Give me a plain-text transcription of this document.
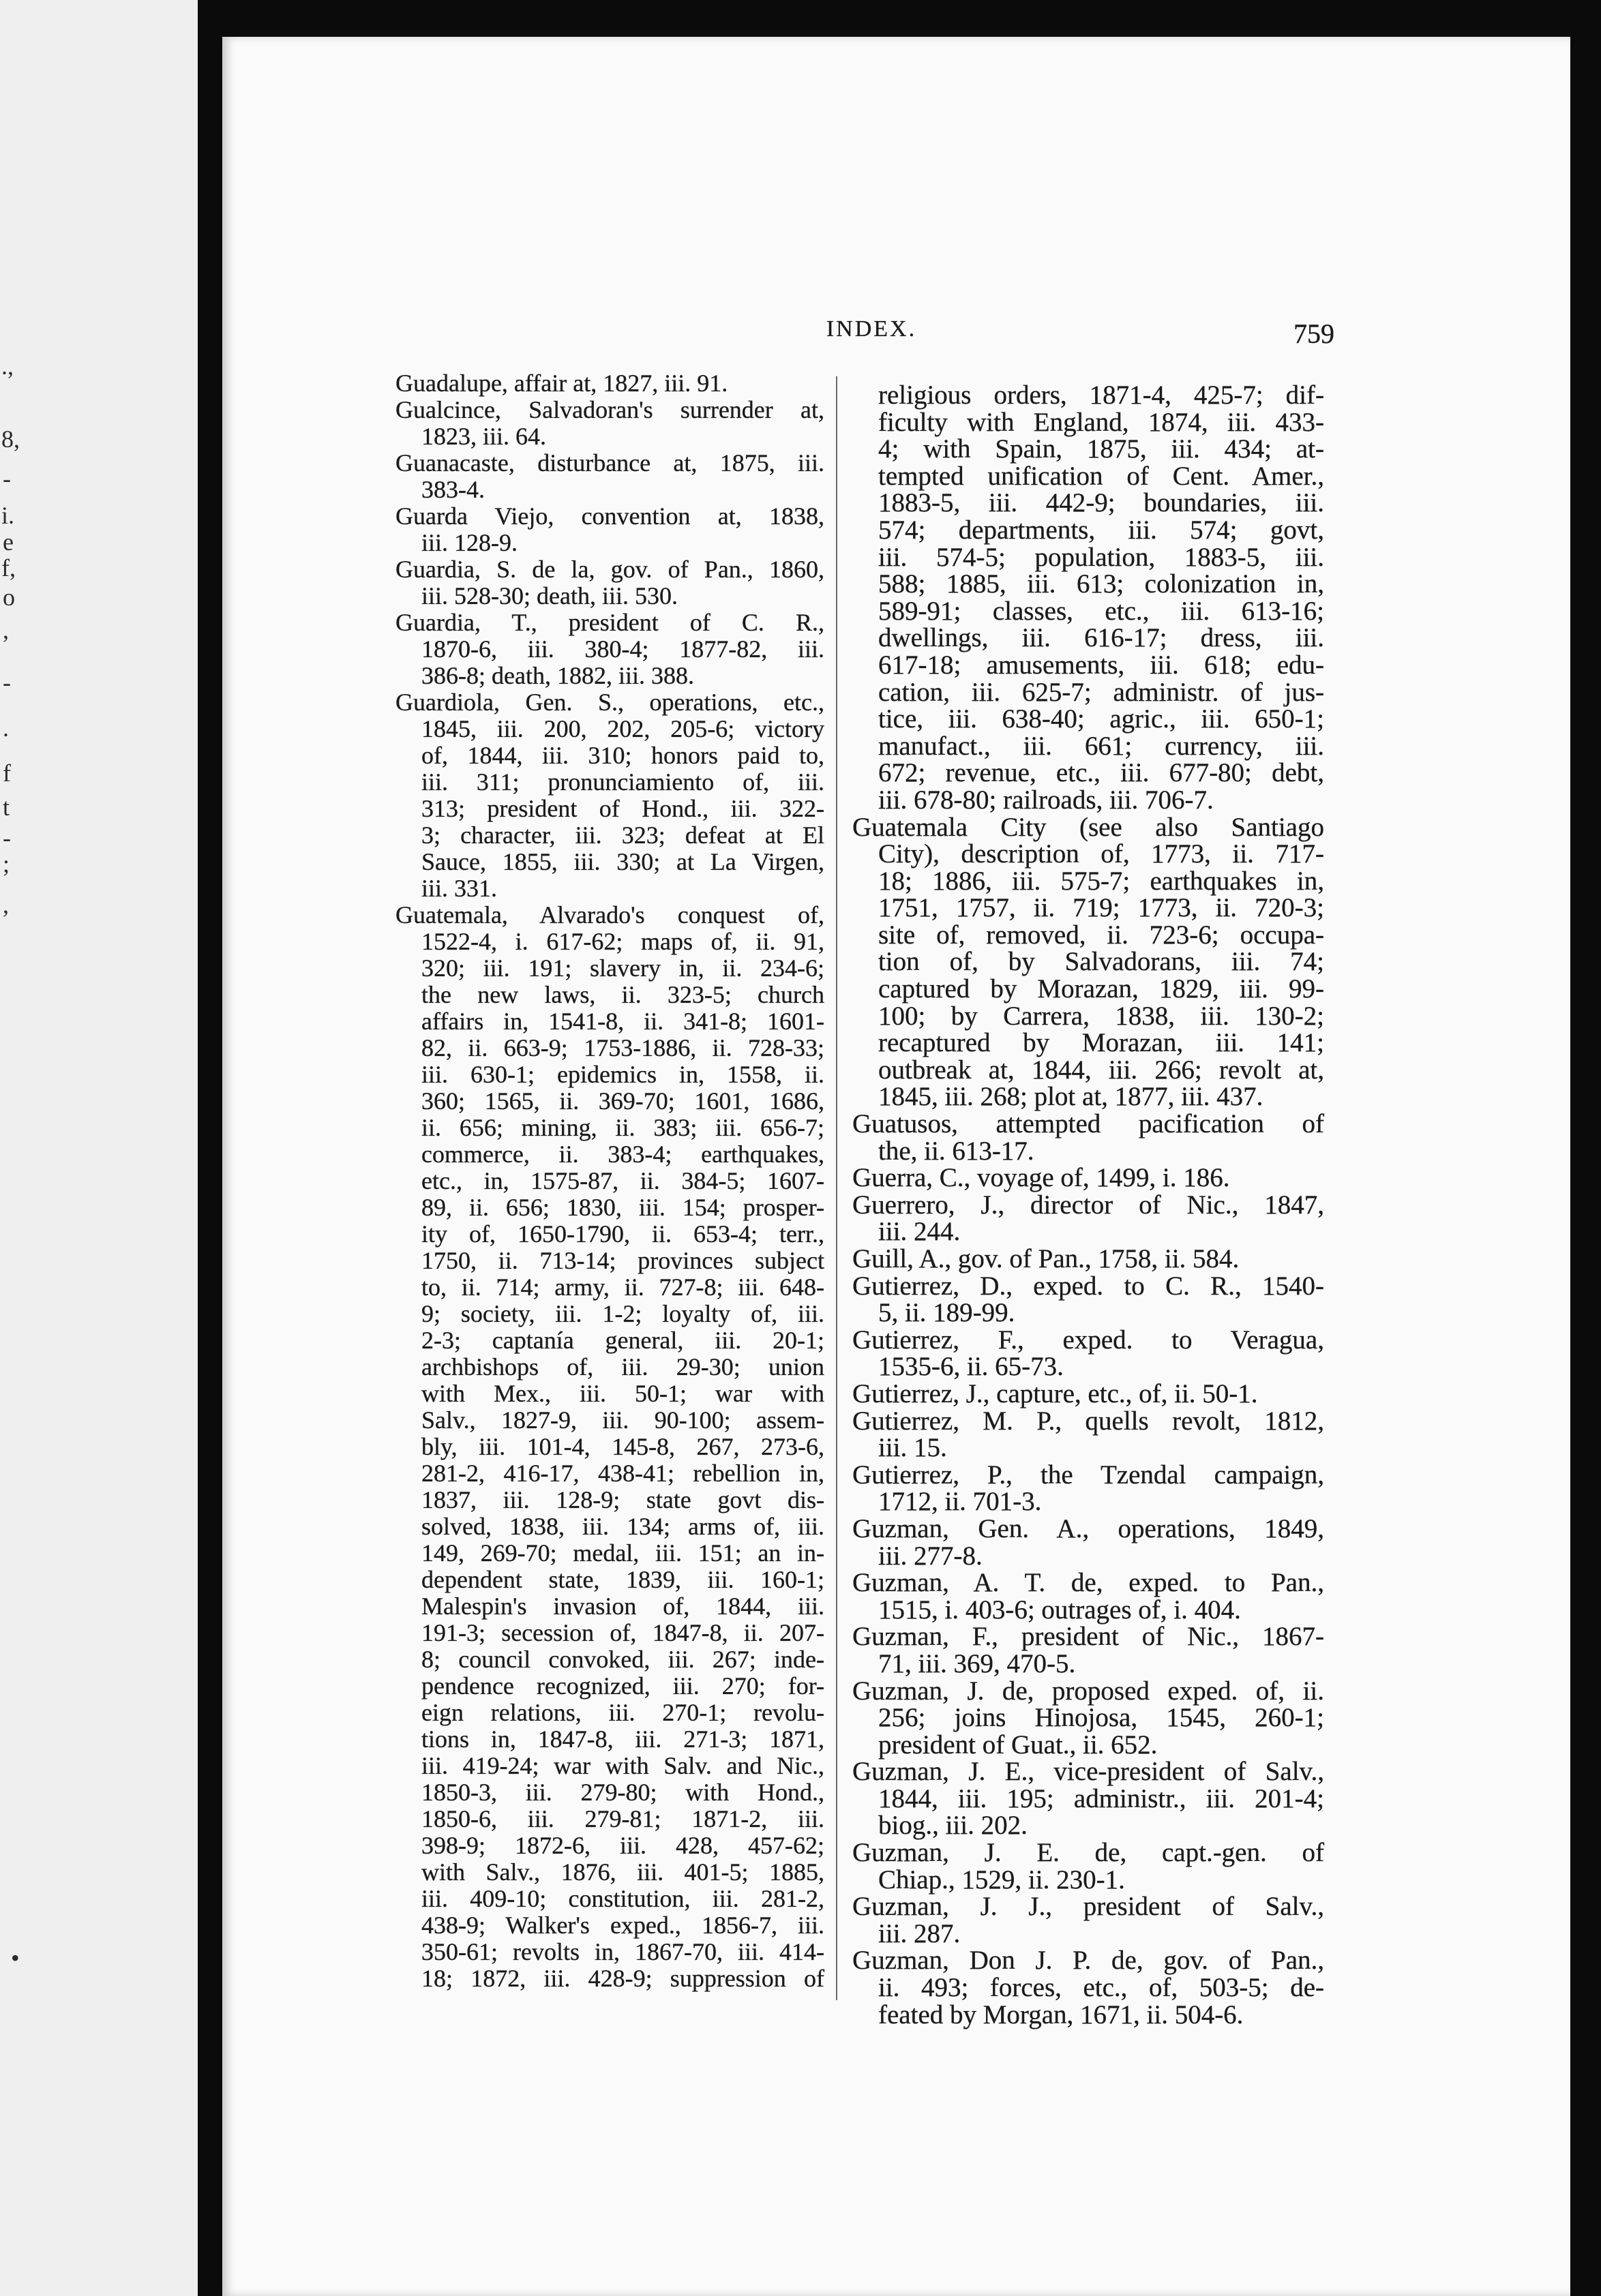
.,
8,
-
i.
e
f,
o
,
-
.
f
t
-
;
,
•
INDEX.	759
Guadalupe, affair at, 1827, iii. 91.
Gualcince, Salvadoran's surrender at,
1823, iii. 64.
Guanacaste, disturbance at, 1875, iii.
383-4.
Guarda Viejo, convention at, 1838,
iii. 128-9.
Guardia, S. de la, gov. of Pan., 1860,
iii. 528-30; death, iii. 530.
Guardia, T., president of C. R.,
1870-6, iii. 380-4; 1877-82, iii.
386-8; death, 1882, iii. 388.
Guardiola, Gen. S., operations, etc.,
1845, iii. 200, 202, 205-6; victory
of, 1844, iii. 310; honors paid to,
iii. 311; pronunciamiento of, iii.
313; president of Hond., iii. 322-
3; character, iii. 323; defeat at El
Sauce, 1855, iii. 330; at La Virgen,
iii. 331.
Guatemala, Alvarado's conquest of,
1522-4, i. 617-62; maps of, ii. 91,
320; iii. 191; slavery in, ii. 234-6;
the new laws, ii. 323-5; church
affairs in, 1541-8, ii. 341-8; 1601-
82, ii. 663-9; 1753-1886, ii. 728-33;
iii. 630-1; epidemics in, 1558, ii.
360; 1565, ii. 369-70; 1601, 1686,
ii. 656; mining, ii. 383; iii. 656-7;
commerce, ii. 383-4; earthquakes,
etc., in, 1575-87, ii. 384-5; 1607-
89, ii. 656; 1830, iii. 154; prosper-
ity of, 1650-1790, ii. 653-4; terr.,
1750, ii. 713-14; provinces subject
to, ii. 714; army, ii. 727-8; iii. 648-
9; society, iii. 1-2; loyalty of, iii.
2-3; captanía general, iii. 20-1;
archbishops of, iii. 29-30; union
with Mex., iii. 50-1; war with
Salv., 1827-9, iii. 90-100; assem-
bly, iii. 101-4, 145-8, 267, 273-6,
281-2, 416-17, 438-41; rebellion in,
1837, iii. 128-9; state govt dis-
solved, 1838, iii. 134; arms of, iii.
149, 269-70; medal, iii. 151; an in-
dependent state, 1839, iii. 160-1;
Malespin's invasion of, 1844, iii.
191-3; secession of, 1847-8, ii. 207-
8; council convoked, iii. 267; inde-
pendence recognized, iii. 270; for-
eign relations, iii. 270-1; revolu-
tions in, 1847-8, iii. 271-3; 1871,
iii. 419-24; war with Salv. and Nic.,
1850-3, iii. 279-80; with Hond.,
1850-6, iii. 279-81; 1871-2, iii.
398-9; 1872-6, iii. 428, 457-62;
with Salv., 1876, iii. 401-5; 1885,
iii. 409-10; constitution, iii. 281-2,
438-9; Walker's exped., 1856-7, iii.
350-61; revolts in, 1867-70, iii. 414-
18; 1872, iii. 428-9; suppression of
religious orders, 1871-4, 425-7; dif-
ficulty with England, 1874, iii. 433-
4; with Spain, 1875, iii. 434; at-
tempted unification of Cent. Amer.,
1883-5, iii. 442-9; boundaries, iii.
574; departments, iii. 574; govt,
iii. 574-5; population, 1883-5, iii.
588; 1885, iii. 613; colonization in,
589-91; classes, etc., iii. 613-16;
dwellings, iii. 616-17; dress, iii.
617-18; amusements, iii. 618; edu-
cation, iii. 625-7; administr. of jus-
tice, iii. 638-40; agric., iii. 650-1;
manufact., iii. 661; currency, iii.
672; revenue, etc., iii. 677-80; debt,
iii. 678-80; railroads, iii. 706-7.
Guatemala City (see also Santiago
City), description of, 1773, ii. 717-
18; 1886, iii. 575-7; earthquakes in,
1751, 1757, ii. 719; 1773, ii. 720-3;
site of, removed, ii. 723-6; occupa-
tion of, by Salvadorans, iii. 74;
captured by Morazan, 1829, iii. 99-
100; by Carrera, 1838, iii. 130-2;
recaptured by Morazan, iii. 141;
outbreak at, 1844, iii. 266; revolt at,
1845, iii. 268; plot at, 1877, iii. 437.
Guatusos, attempted pacification of
the, ii. 613-17.
Guerra, C., voyage of, 1499, i. 186.
Guerrero, J., director of Nic., 1847,
iii. 244.
Guill, A., gov. of Pan., 1758, ii. 584.
Gutierrez, D., exped. to C. R., 1540-
5, ii. 189-99.
Gutierrez, F., exped. to Veragua,
1535-6, ii. 65-73.
Gutierrez, J., capture, etc., of, ii. 50-1.
Gutierrez, M. P., quells revolt, 1812,
iii. 15.
Gutierrez, P., the Tzendal campaign,
1712, ii. 701-3.
Guzman, Gen. A., operations, 1849,
iii. 277-8.
Guzman, A. T. de, exped. to Pan.,
1515, i. 403-6; outrages of, i. 404.
Guzman, F., president of Nic., 1867-
71, iii. 369, 470-5.
Guzman, J. de, proposed exped. of, ii.
256; joins Hinojosa, 1545, 260-1;
president of Guat., ii. 652.
Guzman, J. E., vice-president of Salv.,
1844, iii. 195; administr., iii. 201-4;
biog., iii. 202.
Guzman, J. E. de, capt.-gen. of
Chiap., 1529, ii. 230-1.
Guzman, J. J., president of Salv.,
iii. 287.
Guzman, Don J. P. de, gov. of Pan.,
ii. 493; forces, etc., of, 503-5; de-
feated by Morgan, 1671, ii. 504-6.
